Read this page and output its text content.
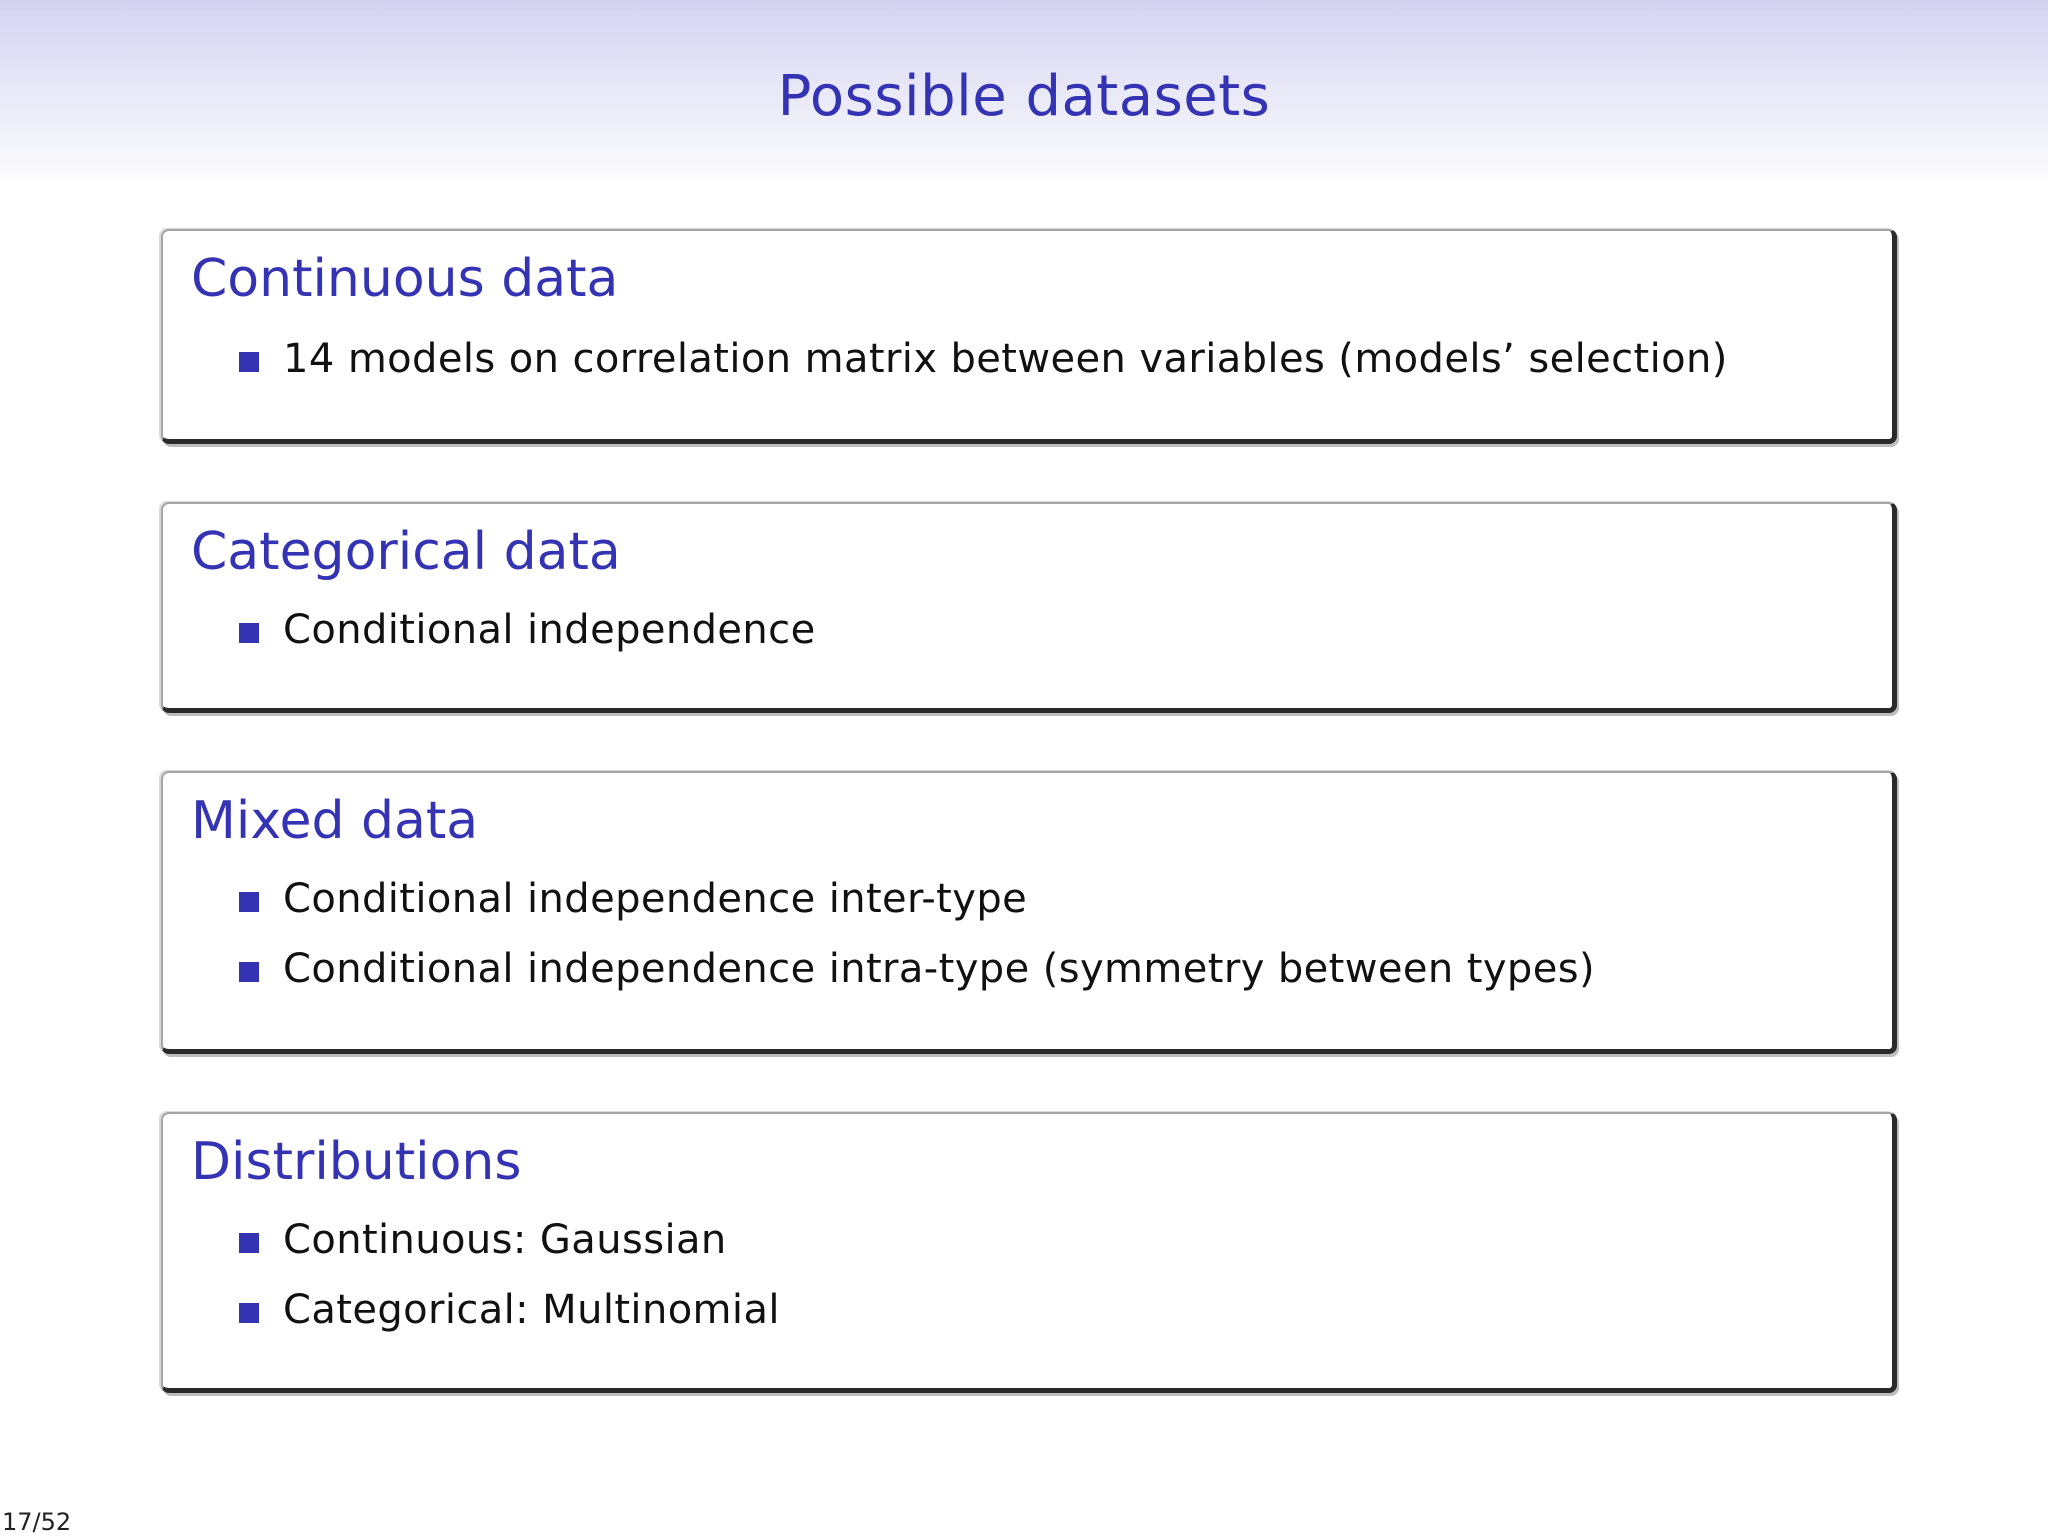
Possible datasets
Continuous data
14 models on correlation matrix between variables (models’ selection)
Categorical data
Conditional independence
Mixed data
Conditional independence inter-type
Conditional independence intra-type (symmetry between types)
Distributions
Continuous: Gaussian
Categorical: Multinomial
17/52
